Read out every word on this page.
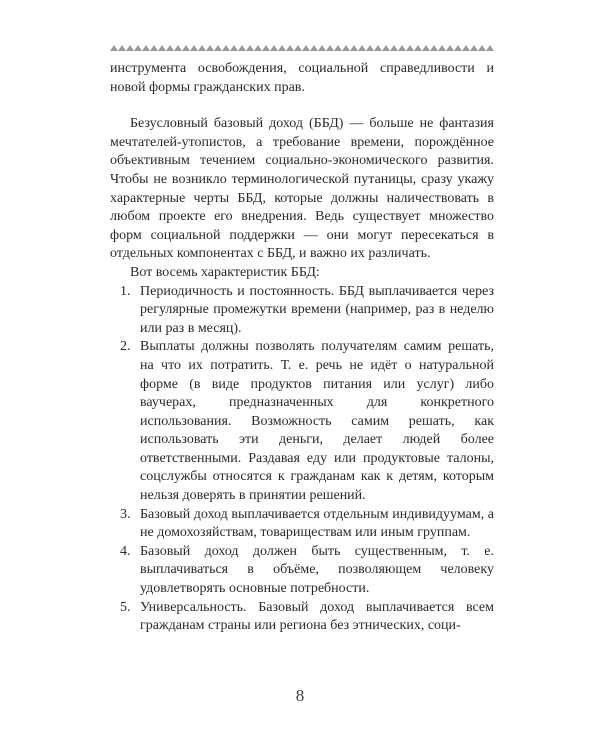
инструмента освобождения, социальной справедливости и новой формы гражданских прав.

Безусловный базовый доход (ББД) — больше не фантазия мечтателей-утопистов, а требование времени, порождённое объективным течением социально-экономического развития. Чтобы не возникло терминологической путаницы, сразу укажу характерные черты ББД, которые должны наличествовать в любом проекте его внедрения. Ведь существует множество форм социальной поддержки — они могут пересекаться в отдельных компонентах с ББД, и важно их различать.

Вот восемь характеристик ББД:

1. Периодичность и постоянность. ББД выплачивается через регулярные промежутки времени (например, раз в неделю или раз в месяц).
2. Выплаты должны позволять получателям самим решать, на что их потратить. Т. е. речь не идёт о натуральной форме (в виде продуктов питания или услуг) либо ваучерах, предназначенных для конкретного использования. Возможность самим решать, как использовать эти деньги, делает людей более ответственными. Раздавая еду или продуктовые талоны, соцслужбы относятся к гражданам как к детям, которым нельзя доверять в принятии решений.
3. Базовый доход выплачивается отдельным индивидуумам, а не домохозяйствам, товариществам или иным группам.
4. Базовый доход должен быть существенным, т. е. выплачиваться в объёме, позволяющем человеку удовлетворять основные потребности.
5. Универсальность. Базовый доход выплачивается всем гражданам страны или региона без этнических, соци-
8
